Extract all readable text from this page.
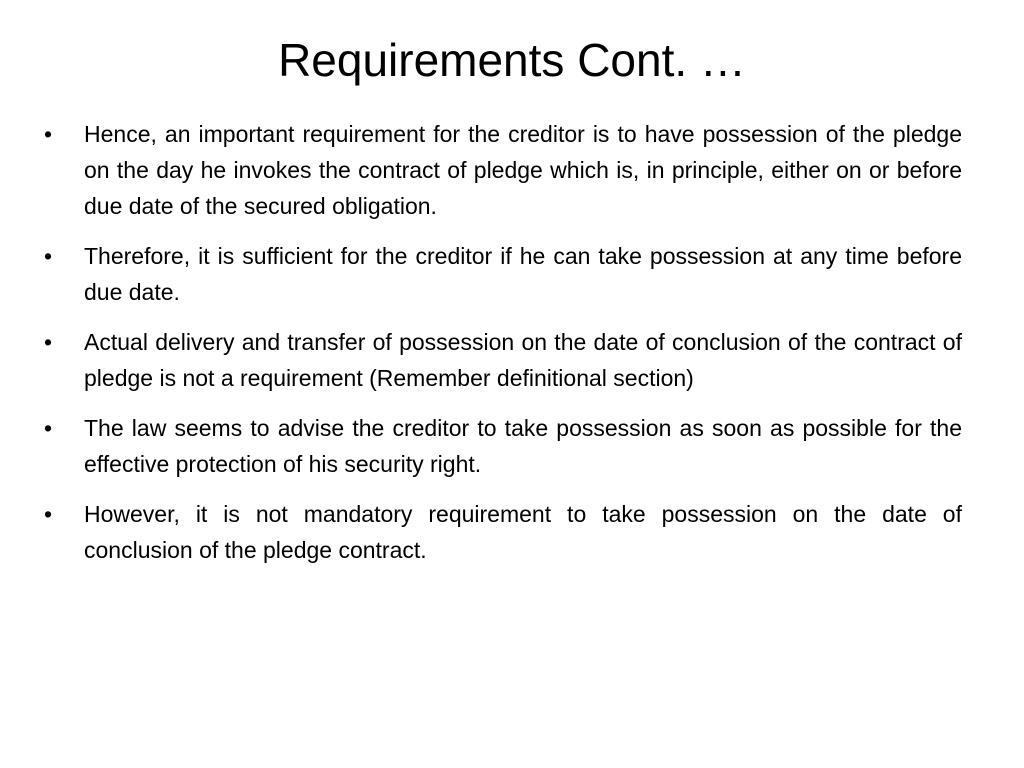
Requirements Cont. …
• Hence, an important requirement for the creditor is to have possession of the pledge on the day he invokes the contract of pledge which is, in principle, either on or before due date of the secured obligation.
• Therefore, it is sufficient for the creditor if he can take possession at any time before due date.
• Actual delivery and transfer of possession on the date of conclusion of the contract of pledge is not a requirement (Remember definitional section)
• The law seems to advise the creditor to take possession as soon as possible for the effective protection of his security right.
• However, it is not mandatory requirement to take possession on the date of conclusion of the pledge contract.
